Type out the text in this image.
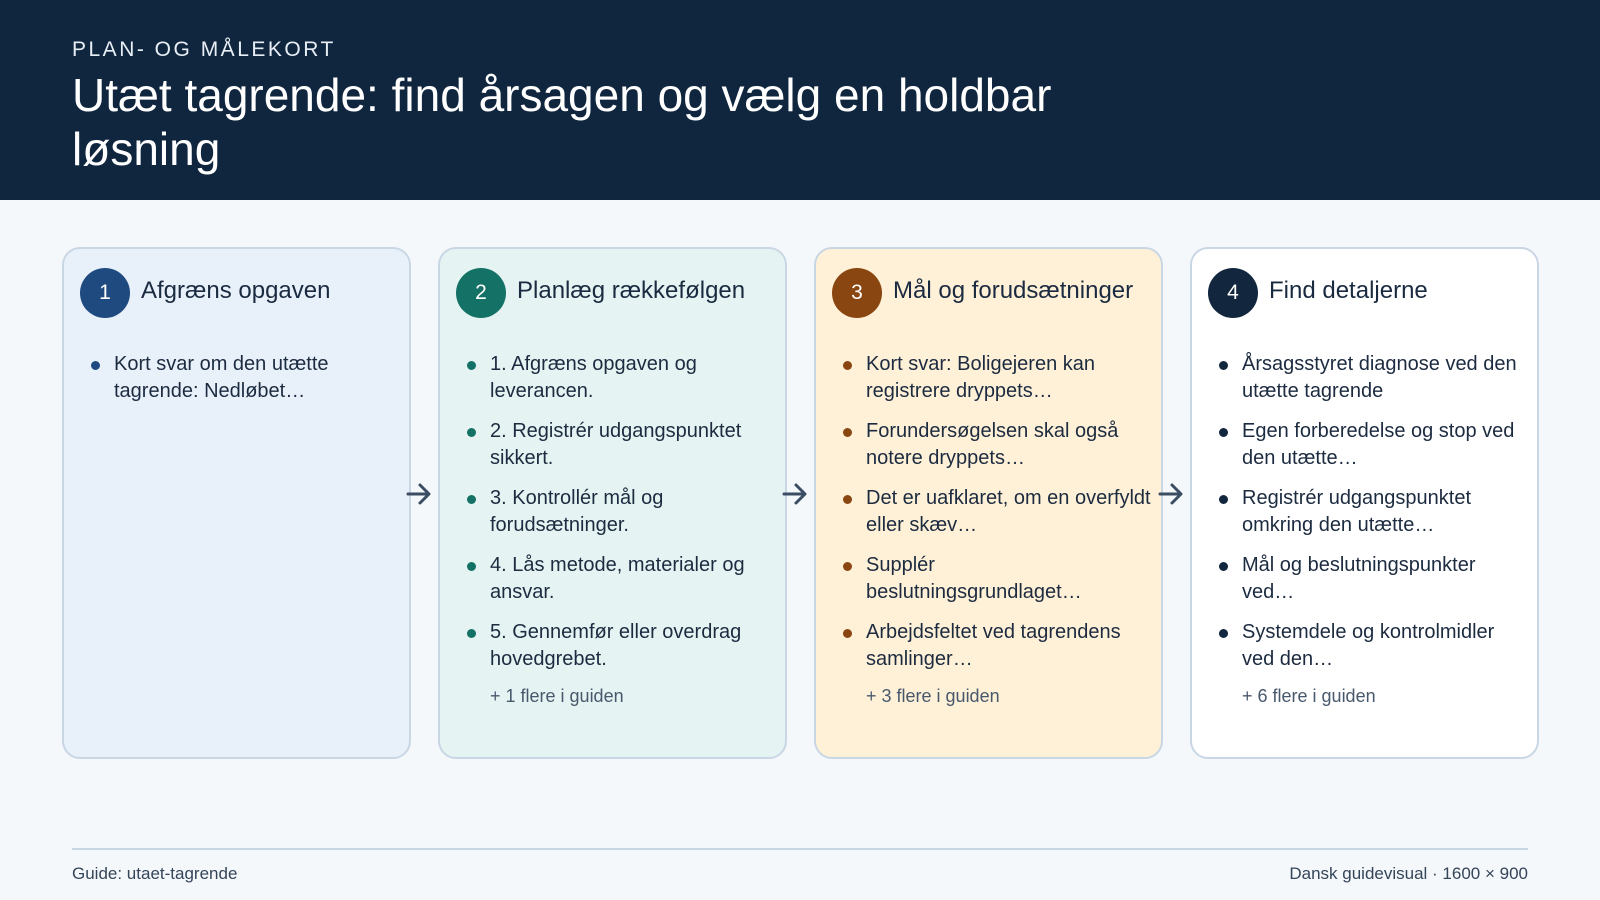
PLAN- OG MÅLEKORT
Utæt tagrende: find årsagen og vælg en holdbar løsning
1	Afgræns opgaven
Kort svar om den utætte tagrende: Nedløbet…
2	Planlæg rækkefølgen
1. Afgræns opgaven og leverancen.
2. Registrér udgangspunktet sikkert.
3. Kontrollér mål og forudsætninger.
4. Lås metode, materialer og ansvar.
5. Gennemfør eller overdrag hovedgrebet.
+ 1 flere i guiden
3	Mål og forudsætninger
Kort svar: Boligejeren kan registrere dryppets…
Forundersøgelsen skal også notere dryppets…
Det er uafklaret, om en overfyldt eller skæv…
Supplér beslutningsgrundlaget…
Arbejdsfeltet ved tagrendens samlinger…
+ 3 flere i guiden
4	Find detaljerne
Årsagsstyret diagnose ved den utætte tagrende
Egen forberedelse og stop ved den utætte…
Registrér udgangspunktet omkring den utætte…
Mål og beslutningspunkter ved…
Systemdele og kontrolmidler ved den…
+ 6 flere i guiden
Guide: utaet-tagrende	Dansk guidevisual · 1600 × 900
